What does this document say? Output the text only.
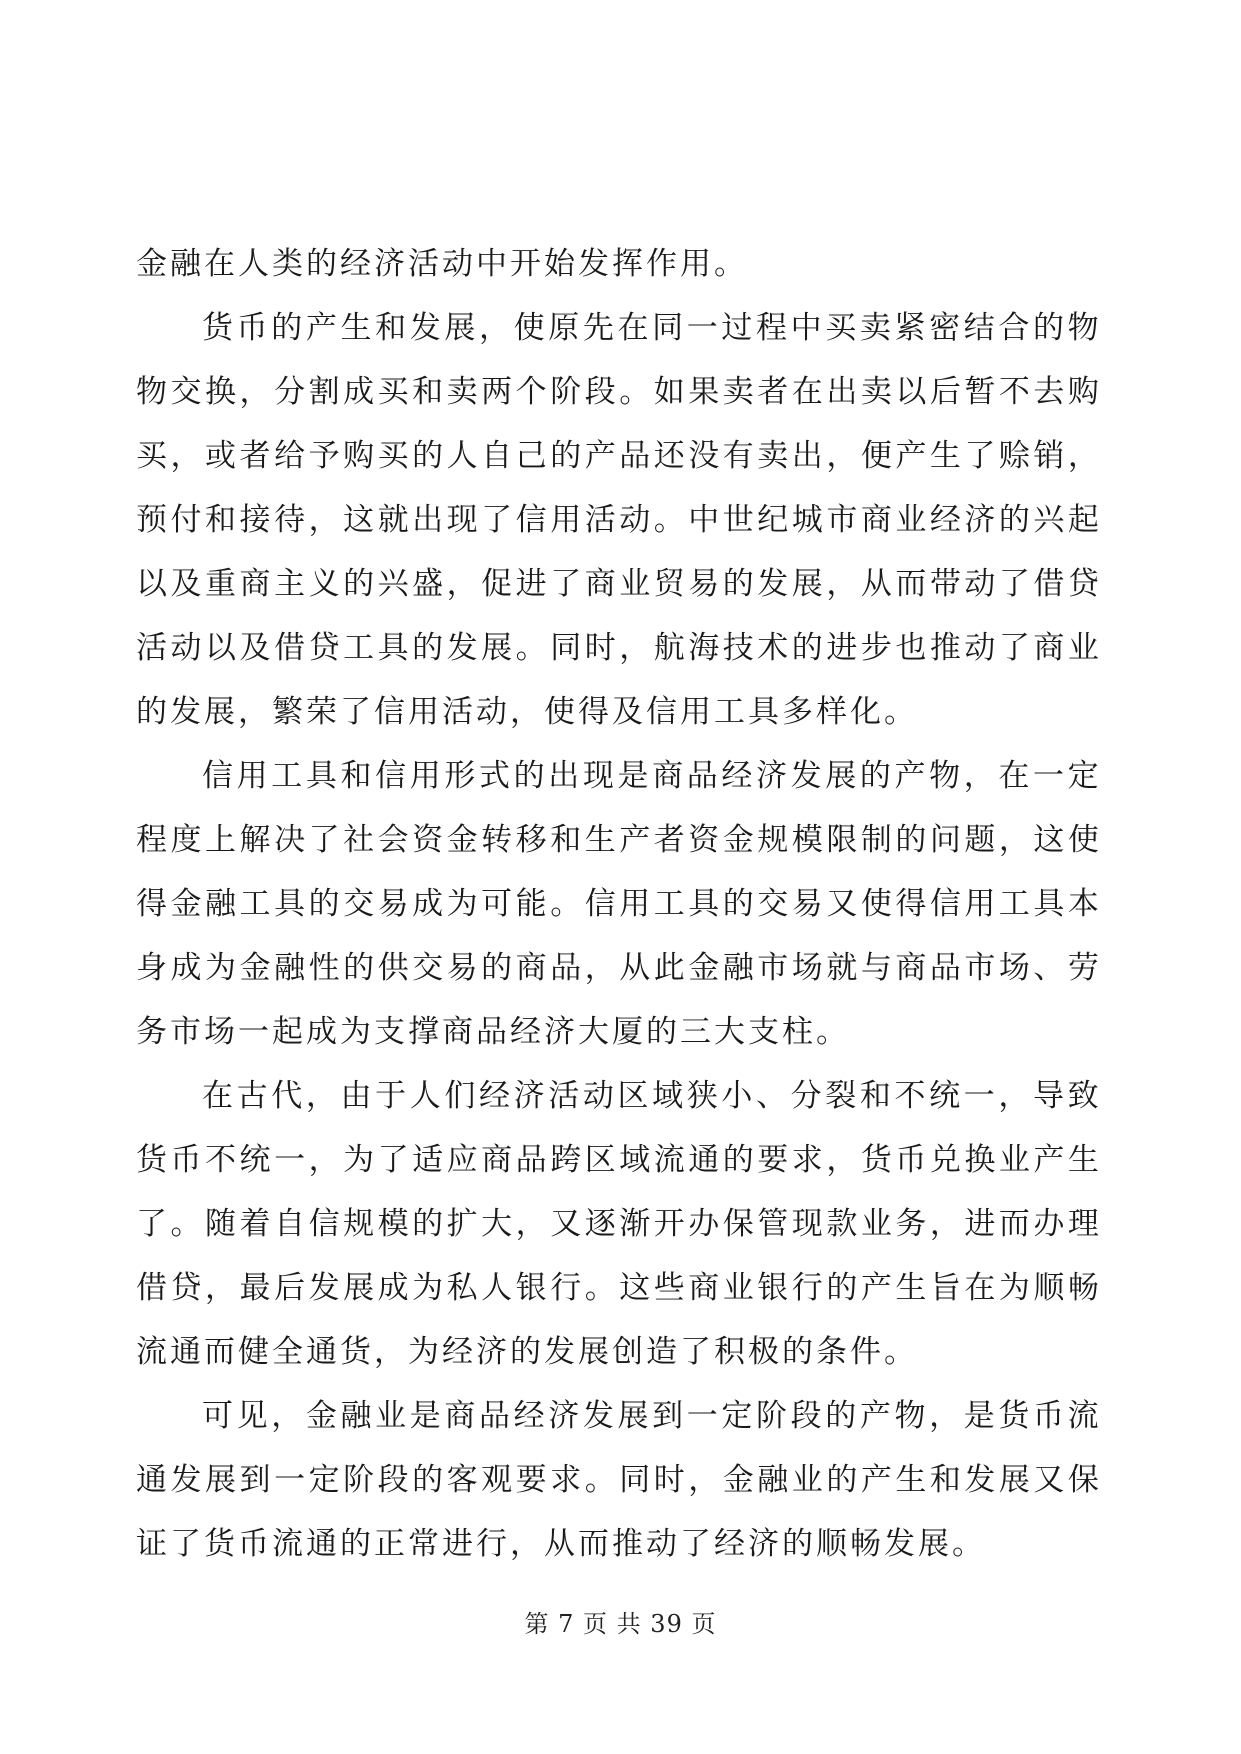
金融在人类的经济活动中开始发挥作用。
货 币 的 产 生 和 发 展 ， 使 原 先 在 同 一 过 程 中 买 卖 紧 密 结 合 的 物
物 交 换 ， 分 割 成 买 和 卖 两 个 阶 段 。 如 果 卖 者 在 出 卖 以 后 暂 不 去 购
买 ， 或 者 给 予 购 买 的 人 自 己 的 产 品 还 没 有 卖 出 ， 便 产 生 了 赊 销 ，
预 付 和 接 待 ， 这 就 出 现 了 信 用 活 动 。 中 世 纪 城 市 商 业 经 济 的 兴 起
以 及 重 商 主 义 的 兴 盛 ， 促 进 了 商 业 贸 易 的 发 展 ， 从 而 带 动 了 借 贷
活 动 以 及 借 贷 工 具 的 发 展 。 同 时 ， 航 海 技 术 的 进 步 也 推 动 了 商 业
的发展，繁荣了信用活动，使得及信用工具多样化。
信 用 工 具 和 信 用 形 式 的 出 现 是 商 品 经 济 发 展 的 产 物 ， 在 一 定
程 度 上 解 决 了 社 会 资 金 转 移 和 生 产 者 资 金 规 模 限 制 的 问 题 ， 这 使
得 金 融 工 具 的 交 易 成 为 可 能 。 信 用 工 具 的 交 易 又 使 得 信 用 工 具 本
身 成 为 金 融 性 的 供 交 易 的 商 品 ， 从 此 金 融 市 场 就 与 商 品 市 场 、 劳
务市场一起成为支撑商品经济大厦的三大支柱。
在 古 代 ， 由 于 人 们 经 济 活 动 区 域 狭 小 、 分 裂 和 不 统 一 ， 导 致
货 币 不 统 一 ， 为 了 适 应 商 品 跨 区 域 流 通 的 要 求 ， 货 币 兑 换 业 产 生
了 。 随 着 自 信 规 模 的 扩 大 ， 又 逐 渐 开 办 保 管 现 款 业 务 ， 进 而 办 理
借 贷 ， 最 后 发 展 成 为 私 人 银 行 。 这 些 商 业 银 行 的 产 生 旨 在 为 顺 畅
流通而健全通货，为经济的发展创造了积极的条件。
可 见 ， 金 融 业 是 商 品 经 济 发 展 到 一 定 阶 段 的 产 物 ， 是 货 币 流
通 发 展 到 一 定 阶 段 的 客 观 要 求 。 同 时 ， 金 融 业 的 产 生 和 发 展 又 保
证了货币流通的正常进行，从而推动了经济的顺畅发展。
第 7 页 共 39 页
